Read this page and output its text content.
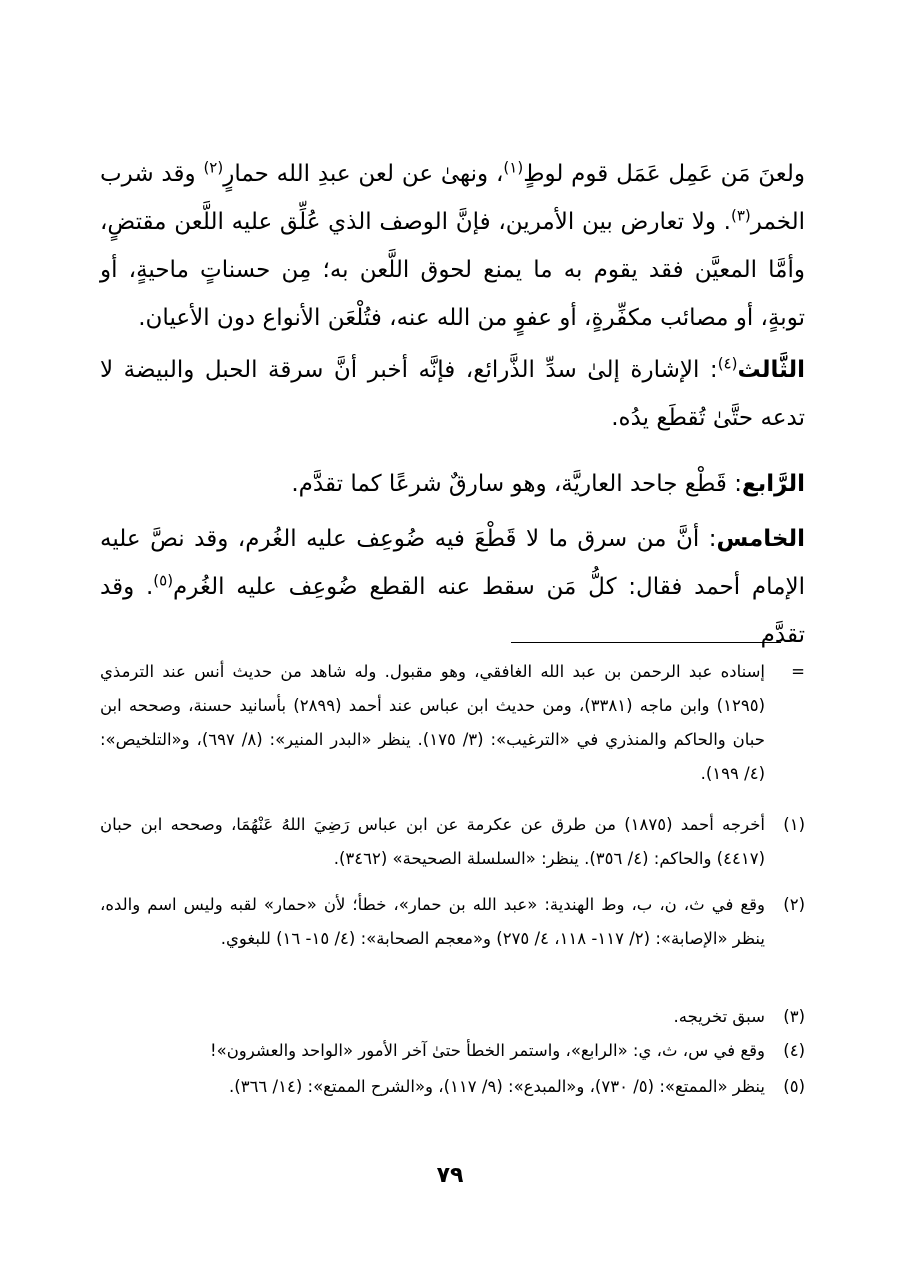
ولعنَ مَن عَمِل عَمَل قوم لوطٍ$^{(١)}$، ونهىٰ عن لعن عبدِ الله حمارٍ$^{(٢)}$ وقد شرب الخمر$^{(٣)}$. ولا تعارض بين الأمرين، فإنَّ الوصف الذي عُلِّق عليه اللَّعن مقتضٍ، وأمَّا المعيَّن فقد يقوم به ما يمنع لحوق اللَّعن به؛ مِن حسناتٍ ماحيةٍ، أو توبةٍ، أو مصائب مكفِّرةٍ، أو عفوٍ من الله عنه، فتُلْعَن الأنواع دون الأعيان.
الثَّالث$^{(٤)}$: الإشارة إلىٰ سدِّ الذَّرائع، فإنَّه أخبر أنَّ سرقة الحبل والبيضة لا تدعه حتَّىٰ تُقطَع يدُه.
الرَّابع: قَطْع جاحد العاريَّة، وهو سارقٌ شرعًا كما تقدَّم.
الخامس: أنَّ من سرق ما لا قَطْعَ فيه ضُوعِف عليه الغُرم، وقد نصَّ عليه الإمام أحمد فقال: كلُّ مَن سقط عنه القطع ضُوعِف عليه الغُرم$^{(٥)}$. وقد تقدَّم
=
إسناده عبد الرحمن بن عبد الله الغافقي، وهو مقبول. وله شاهد من حديث أنس عند الترمذي (١٢٩٥) وابن ماجه (٣٣٨١)، ومن حديث ابن عباس عند أحمد (٢٨٩٩) بأسانيد حسنة، وصححه ابن حبان والحاكم والمنذري في «الترغيب»: (٣/ ١٧٥). ينظر «البدر المنير»: (٨/ ٦٩٧)، و«التلخيص»: (٤/ ١٩٩).
(١)
أخرجه أحمد (١٨٧٥) من طرق عن عكرمة عن ابن عباس رَضِيَ اللهُ عَنْهُمَا، وصححه ابن حبان (٤٤١٧) والحاكم: (٤/ ٣٥٦). ينظر: «السلسلة الصحيحة» (٣٤٦٢).
(٢)
وقع في ث، ن، ب، وط الهندية: «عبد الله بن حمار»، خطأ؛ لأن «حمار» لقبه وليس اسم والده، ينظر «الإصابة»: (٢/ ١١٧- ١١٨، ٤/ ٢٧٥) و«معجم الصحابة»: (٤/ ١٥- ١٦) للبغوي.
(٣)
سبق تخريجه.
(٤)
وقع في س، ث، ي: «الرابع»، واستمر الخطأ حتىٰ آخر الأمور «الواحد والعشرون»!
(٥)
ينظر «الممتع»: (٥/ ٧٣٠)، و«المبدع»: (٩/ ١١٧)، و«الشرح الممتع»: (١٤/ ٣٦٦).
٧٩
